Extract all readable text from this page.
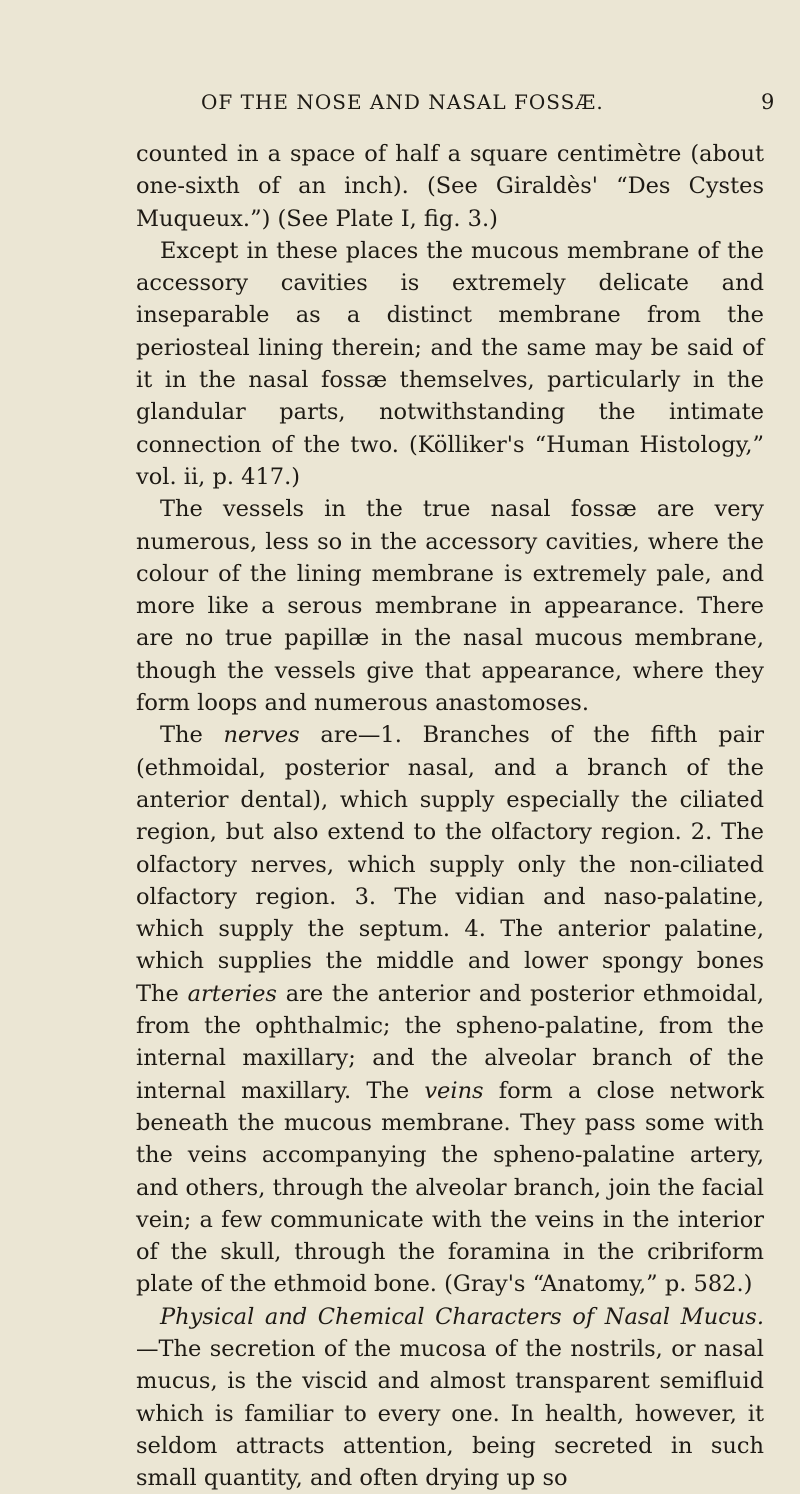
OF THE NOSE AND NASAL FOSSÆ.	9

counted in a space of half a square centimètre (about one-sixth of an inch). (See Giraldès' “Des Cystes Muqueux.”) (See Plate I, fig. 3.)

Except in these places the mucous membrane of the accessory cavities is extremely delicate and inseparable as a distinct membrane from the periosteal lining therein; and the same may be said of it in the nasal fossæ themselves, particularly in the glandular parts, notwithstanding the intimate connection of the two. (Kölliker's “Human Histology,” vol. ii, p. 417.)

The vessels in the true nasal fossæ are very numerous, less so in the accessory cavities, where the colour of the lining membrane is extremely pale, and more like a serous membrane in appearance. There are no true papillæ in the nasal mucous membrane, though the vessels give that appearance, where they form loops and numerous anastomoses.

The nerves are—1. Branches of the fifth pair (ethmoidal, posterior nasal, and a branch of the anterior dental), which supply especially the ciliated region, but also extend to the olfactory region. 2. The olfactory nerves, which supply only the non-ciliated olfactory region. 3. The vidian and naso-palatine, which supply the septum. 4. The anterior palatine, which supplies the middle and lower spongy bones The arteries are the anterior and posterior ethmoidal, from the ophthalmic; the spheno-palatine, from the internal maxillary; and the alveolar branch of the internal maxillary. The veins form a close network beneath the mucous membrane. They pass some with the veins accompanying the spheno-palatine artery, and others, through the alveolar branch, join the facial vein; a few communicate with the veins in the interior of the skull, through the foramina in the cribriform plate of the ethmoid bone. (Gray's “Anatomy,” p. 582.)

Physical and Chemical Characters of Nasal Mucus.—The secretion of the mucosa of the nostrils, or nasal mucus, is the viscid and almost transparent semifluid which is familiar to every one. In health, however, it seldom attracts attention, being secreted in such small quantity, and often drying up so
